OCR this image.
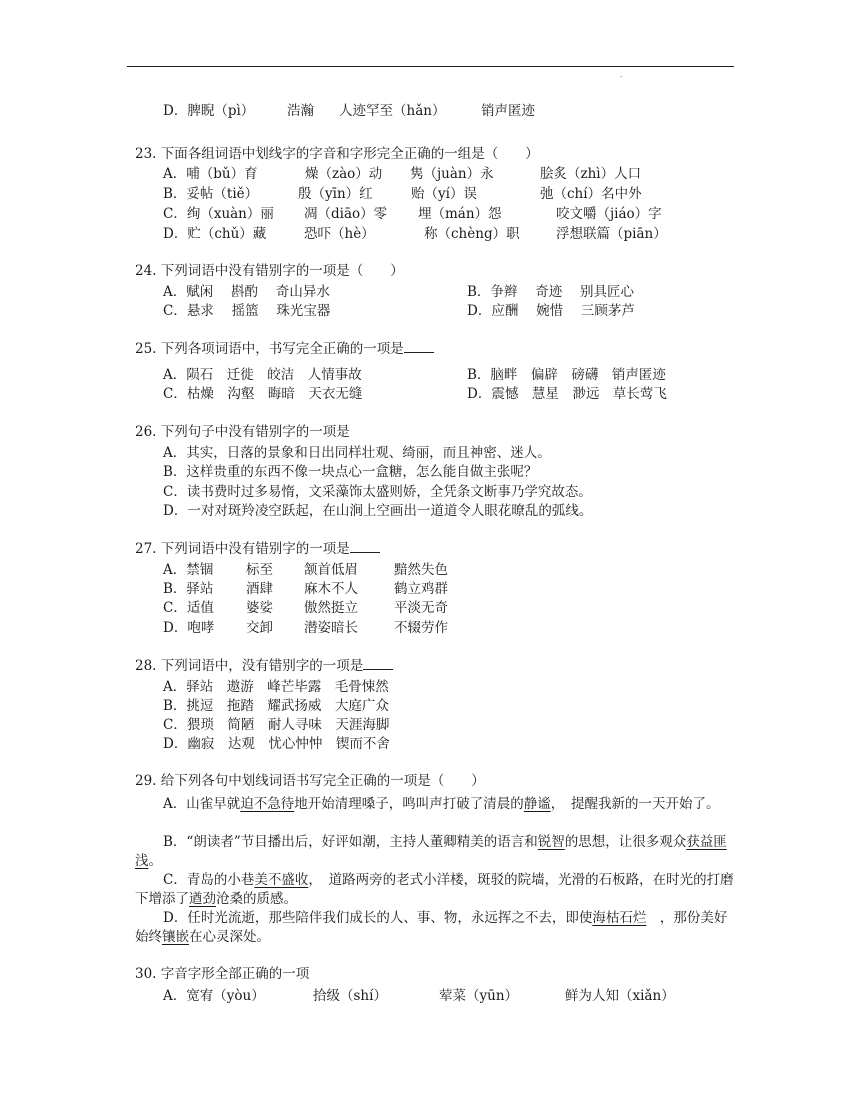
.
D．脾睨（pì） 浩瀚 人迹罕至（hǎn）	销声匿迹
23. 下面各组词语中划线字的字音和字形完全正确的一组是（　　）
A．哺（bǔ）育	燥（zào）动 隽（juàn）永	脍炙（zhì）人口
B．妥帖（tiě）	殷（yīn）红	贻（yí）误	弛（chí）名中外
C．绚（xuàn）丽 凋（diāo）零 埋（mán）怨	咬文嚼（jiáo）字
D．贮（chǔ）藏	恐吓（hè）	称（chèng）职	浮想联篇（piān）
24. 下列词语中没有错别字的一项是（　　）
A．赋闲　 斟酌　 奇山异水	B．争辫　 奇迹　 别具匠心
C．悬求　 摇篮　 珠光宝器	D．应酬　 婉惜　 三顾茅芦
25. 下列各项词语中，书写完全正确的一项是
A．陨石　迁徙　皎洁　人情事故	B．脑畔　偏辟　磅礴　销声匿迹
C．枯燥　沟壑　晦暗　天衣无缝	D．震憾　慧星　渺远　草长莺飞
26. 下列句子中没有错别字的一项是
A．其实，日落的景象和日出同样壮观、绮丽，而且神密、迷人。
B．这样贵重的东西不像一块点心一盒糖，怎么能自做主张呢？
C．读书费时过多易惰，文采藻饰太盛则娇，全凭条文断事乃学究故态。
D．一对对斑羚凌空跃起，在山涧上空画出一道道令人眼花暸乱的弧线。
27. 下列词语中没有错别字的一项是
A．禁锢 标至 颔首低眉	黯然失色
B．驿站 酒肆 麻木不人	鹤立鸡群
C．适值 婆娑 傲然挺立	平淡无奇
D．咆哮 交卸 潜姿暗长	不辍劳作
28. 下列词语中，没有错别字的一项是
A．驿站　遨游　峰芒毕露　毛骨悚然
B．挑逗　拖踏　耀武扬威　大庭广众
C．猥琐　简陋　耐人寻味　天涯海脚
D．幽寂　达观　忧心忡忡　锲而不舍
29. 给下列各句中划线词语书写完全正确的一项是（　　）
A．山雀早就迫不急待地开始清理嗓子，鸣叫声打破了清晨的静谧，　提醒我新的一天开始了。
B．“朗读者”节目播出后，好评如潮，主持人董卿精美的语言和锐智的思想，让很多观众获益匪浅。
C．青岛的小巷美不盛收，　道路两旁的老式小洋楼，斑驳的院墙，光滑的石板路，在时光的打磨下增添了遒劲沧桑的质感。
D．任时光流逝，那些陪伴我们成长的人、事、物，永远挥之不去，即使海枯石烂　，那份美好始终镶嵌在心灵深处。
30. 字音字形全部正确的一项
A．宽宥（yòu）	拾级（shí）	荤菜（yūn）	鲜为人知（xiǎn）
